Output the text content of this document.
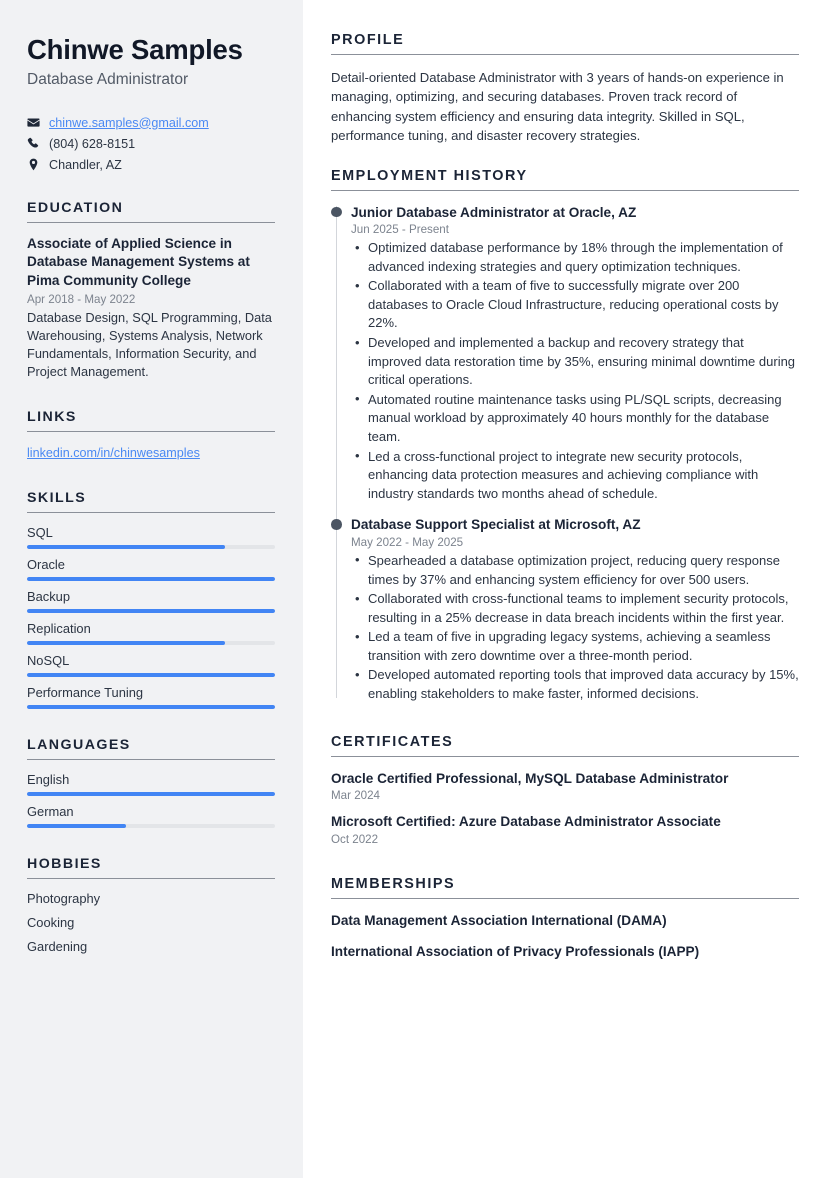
Chinwe Samples
Database Administrator
chinwe.samples@gmail.com
(804) 628-8151
Chandler, AZ
EDUCATION
Associate of Applied Science in Database Management Systems at Pima Community College
Apr 2018 - May 2022
Database Design, SQL Programming, Data Warehousing, Systems Analysis, Network Fundamentals, Information Security, and Project Management.
LINKS
linkedin.com/in/chinwesamples
SKILLS
SQL
Oracle
Backup
Replication
NoSQL
Performance Tuning
LANGUAGES
English
German
HOBBIES
Photography
Cooking
Gardening
PROFILE

Detail-oriented Database Administrator with 3 years of hands-on experience in managing, optimizing, and securing databases. Proven track record of enhancing system efficiency and ensuring data integrity. Skilled in SQL, performance tuning, and disaster recovery strategies.

EMPLOYMENT HISTORY
Junior Database Administrator at Oracle, AZ
Jun 2025 - Present
• Optimized database performance by 18% through the implementation of advanced indexing strategies and query optimization techniques.
• Collaborated with a team of five to successfully migrate over 200 databases to Oracle Cloud Infrastructure, reducing operational costs by 22%.
• Developed and implemented a backup and recovery strategy that improved data restoration time by 35%, ensuring minimal downtime during critical operations.
• Automated routine maintenance tasks using PL/SQL scripts, decreasing manual workload by approximately 40 hours monthly for the database team.
• Led a cross-functional project to integrate new security protocols, enhancing data protection measures and achieving compliance with industry standards two months ahead of schedule.
Database Support Specialist at Microsoft, AZ
May 2022 - May 2025
• Spearheaded a database optimization project, reducing query response times by 37% and enhancing system efficiency for over 500 users.
• Collaborated with cross-functional teams to implement security protocols, resulting in a 25% decrease in data breach incidents within the first year.
• Led a team of five in upgrading legacy systems, achieving a seamless transition with zero downtime over a three-month period.
• Developed automated reporting tools that improved data accuracy by 15%, enabling stakeholders to make faster, informed decisions.
CERTIFICATES
Oracle Certified Professional, MySQL Database Administrator
Mar 2024
Microsoft Certified: Azure Database Administrator Associate
Oct 2022
MEMBERSHIPS
Data Management Association International (DAMA)
International Association of Privacy Professionals (IAPP)
